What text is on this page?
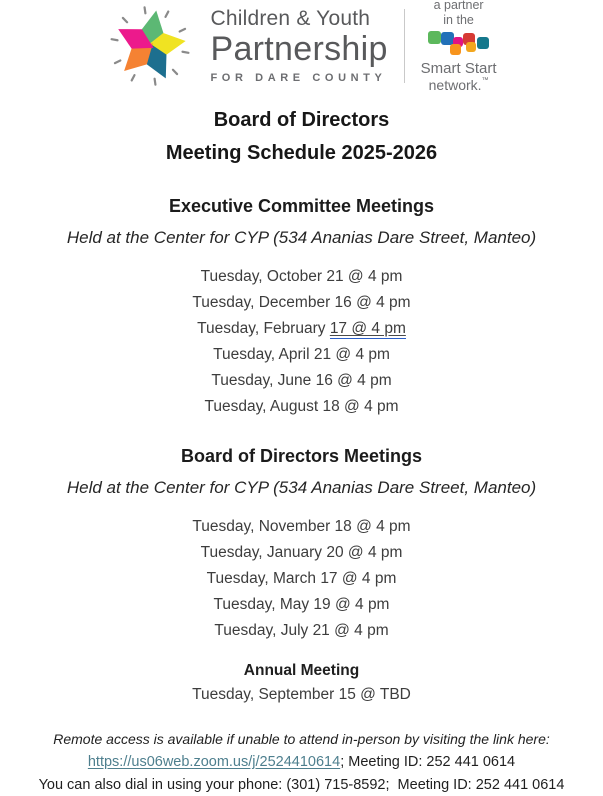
Children & Youth
Partnership
FOR DARE COUNTY
a partner
in the
Smart Start
network.™
Board of Directors
Meeting Schedule 2025-2026
Executive Committee Meetings
Held at the Center for CYP (534 Ananias Dare Street, Manteo)
Tuesday, October 21 @ 4 pm
Tuesday, December 16 @ 4 pm
Tuesday, February 17 @ 4 pm
Tuesday, April 21 @ 4 pm
Tuesday, June 16 @ 4 pm
Tuesday, August 18 @ 4 pm
Board of Directors Meetings
Held at the Center for CYP (534 Ananias Dare Street, Manteo)
Tuesday, November 18 @ 4 pm
Tuesday, January 20 @ 4 pm
Tuesday, March 17 @ 4 pm
Tuesday, May 19 @ 4 pm
Tuesday, July 21 @ 4 pm
Annual Meeting
Tuesday, September 15 @ TBD
Remote access is available if unable to attend in-person by visiting the link here:
https://us06web.zoom.us/j/2524410614; Meeting ID: 252 441 0614
You can also dial in using your phone: (301) 715-8592;  Meeting ID: 252 441 0614
